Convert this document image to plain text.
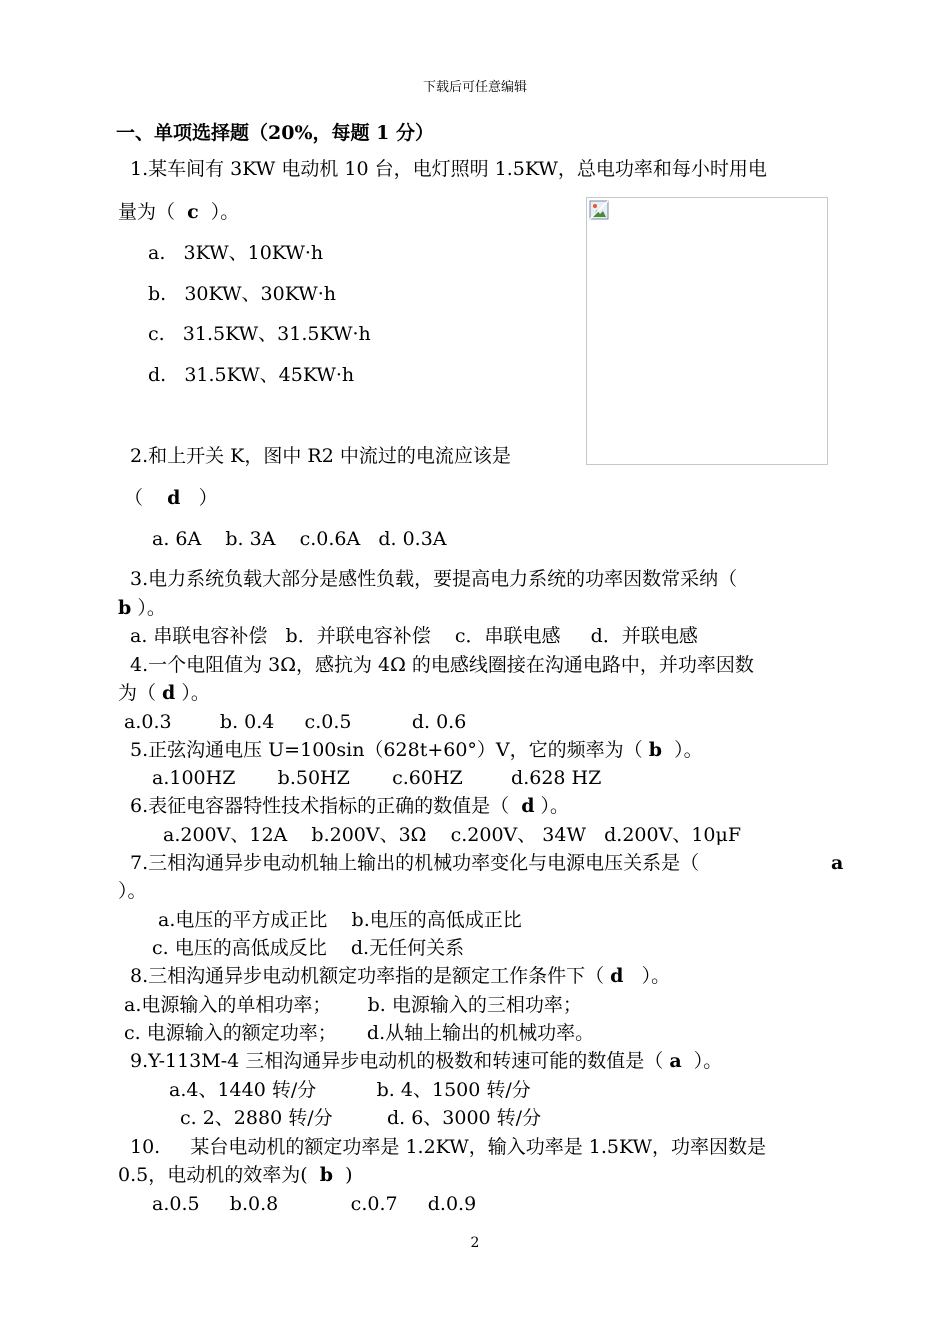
下载后可任意编辑
一、单项选择题（20%，每题 1 分）
1.某车间有 3KW 电动机 10 台，电灯照明 1.5KW，总电功率和每小时用电
量为（  c  ）。
a.   3KW、10KW·h
b.   30KW、30KW·h
c.   31.5KW、31.5KW·h
d.   31.5KW、45KW·h
2.和上开关 K，图中 R2 中流过的电流应该是
（    d   ）
a. 6A    b. 3A    c.0.6A   d. 0.3A
3.电力系统负载大部分是感性负载，要提高电力系统的功率因数常采纳（
b ）。
a. 串联电容补偿   b．并联电容补偿    c．串联电感     d．并联电感
4.一个电阻值为 3Ω，感抗为 4Ω 的电感线圈接在沟通电路中，并功率因数
为（ d ）。
a.0.3        b. 0.4     c.0.5          d. 0.6
5.正弦沟通电压 U=100sin（628t+60°）V，它的频率为（ b  ）。
a.100HZ       b.50HZ       c.60HZ        d.628 HZ
6.表征电容器特性技术指标的正确的数值是（  d ）。
a.200V、12A    b.200V、3Ω    c.200V、 34W   d.200V、10μF
7.三相沟通异步电动机轴上输出的机械功率变化与电源电压关系是（	a
）。
a.电压的平方成正比    b.电压的高低成正比
c. 电压的高低成反比    d.无任何关系
8.三相沟通异步电动机额定功率指的是额定工作条件下（ d   ）。
a.电源输入的单相功率；      b. 电源输入的三相功率；
c. 电源输入的额定功率；     d.从轴上输出的机械功率。
9.Y-113M-4 三相沟通异步电动机的极数和转速可能的数值是（ a  ）。
a.4、1440 转/分          b. 4、1500 转/分
c. 2、2880 转/分         d. 6、3000 转/分
10.     某台电动机的额定功率是 1.2KW，输入功率是 1.5KW，功率因数是
0.5，电动机的效率为(  b  )
a.0.5     b.0.8            c.0.7     d.0.9
2
